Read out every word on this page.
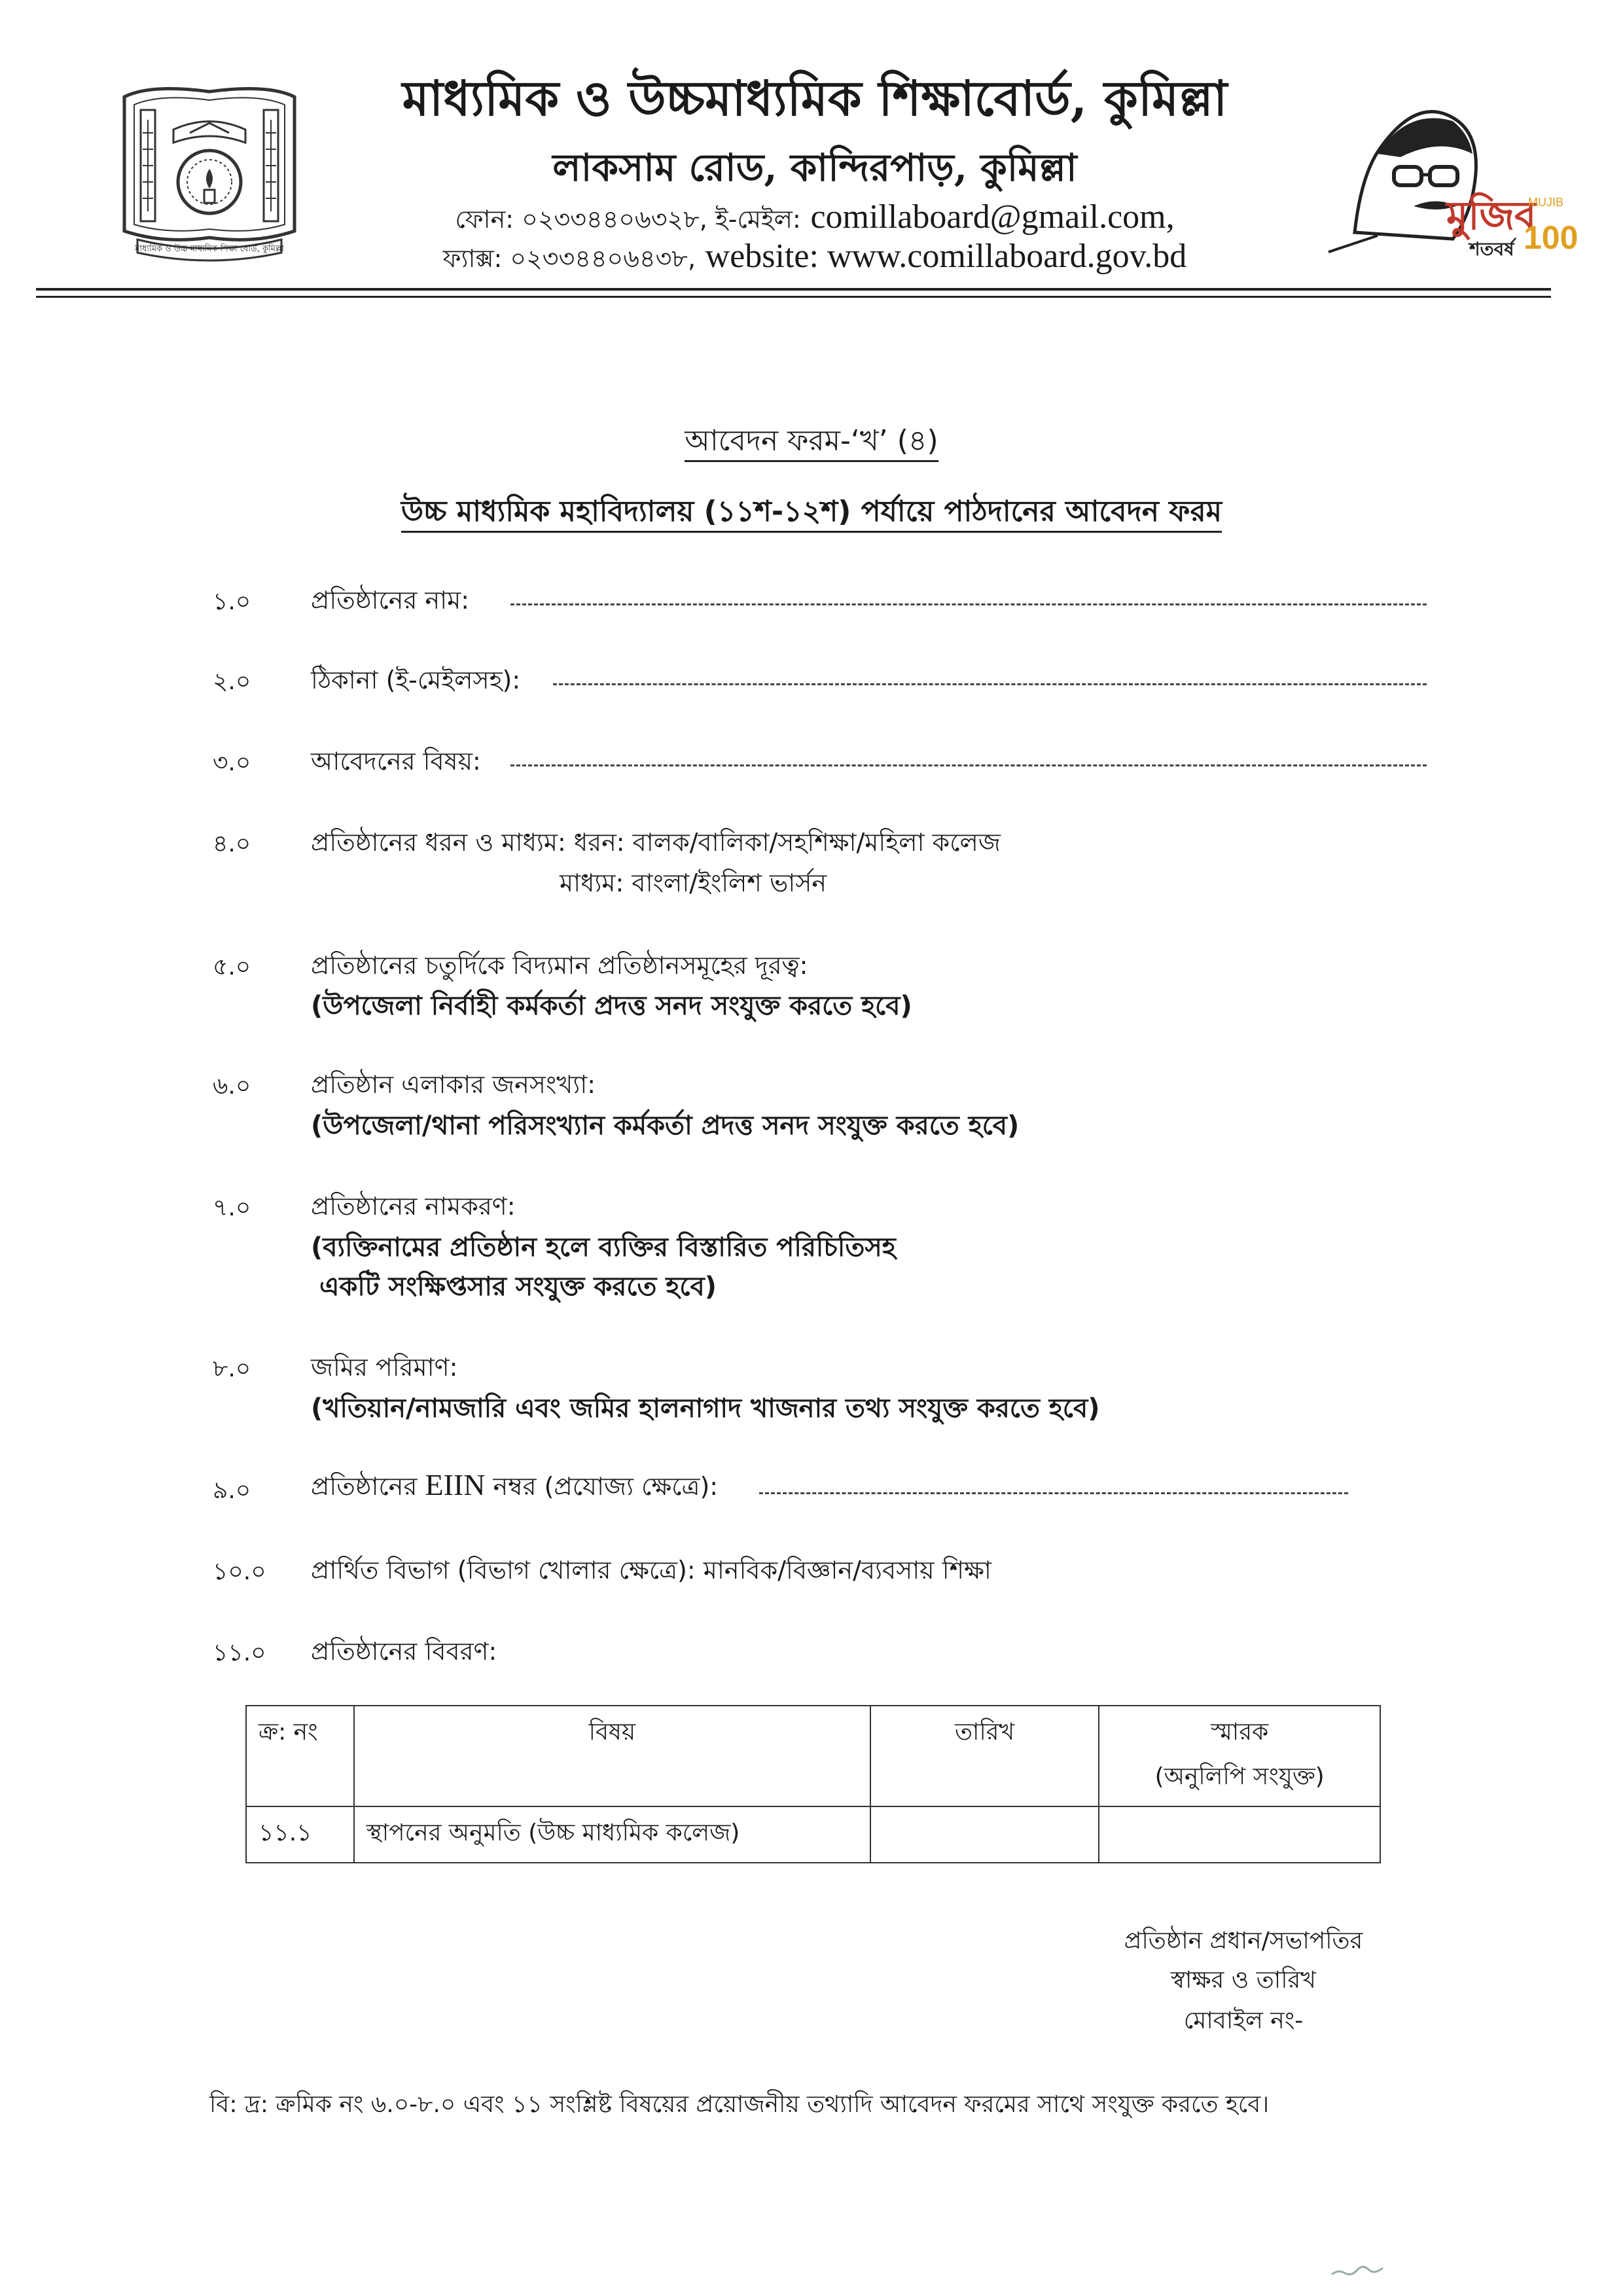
মাধ্যমিক ও উচ্চ মাধ্যমিক শিক্ষা বোর্ড, কুমিল্লা
মাধ্যমিক ও উচ্চমাধ্যমিক শিক্ষাবোর্ড, কুমিল্লা
লাকসাম রোড, কান্দিরপাড়, কুমিল্লা
ফোন: ০২৩৩৪৪০৬৩২৮, ই-মেইল: comillaboard@gmail.com,
ফ্যাক্স: ০২৩৩৪৪০৬৪৩৮, website: www.comillaboard.gov.bd
মুজিব
MUJIB
100
শতবর্ষ
আবেদন ফরম-‘খ’ (৪)
উচ্চ মাধ্যমিক মহাবিদ্যালয় (১১শ-১২শ) পর্যায়ে পাঠদানের আবেদন ফরম
১.০	প্রতিষ্ঠানের নাম:
২.০	ঠিকানা (ই-মেইলসহ):
৩.০	আবেদনের বিষয়:
৪.০	প্রতিষ্ঠানের ধরন ও মাধ্যম: ধরন: বালক/বালিকা/সহশিক্ষা/মহিলা কলেজ
মাধ্যম: বাংলা/ইংলিশ ভার্সন
৫.০	প্রতিষ্ঠানের চতুর্দিকে বিদ্যমান প্রতিষ্ঠানসমূহের দূরত্ব:
(উপজেলা নির্বাহী কর্মকর্তা প্রদত্ত সনদ সংযুক্ত করতে হবে)
৬.০	প্রতিষ্ঠান এলাকার জনসংখ্যা:
(উপজেলা/থানা পরিসংখ্যান কর্মকর্তা প্রদত্ত সনদ সংযুক্ত করতে হবে)
৭.০	প্রতিষ্ঠানের নামকরণ:
(ব্যক্তিনামের প্রতিষ্ঠান হলে ব্যক্তির বিস্তারিত পরিচিতিসহ
একটি সংক্ষিপ্তসার সংযুক্ত করতে হবে)
৮.০	জমির পরিমাণ:
(খতিয়ান/নামজারি এবং জমির হালনাগাদ খাজনার তথ্য সংযুক্ত করতে হবে)
৯.০	প্রতিষ্ঠানের EIIN নম্বর (প্রযোজ্য ক্ষেত্রে):
১০.০	প্রার্থিত বিভাগ (বিভাগ খোলার ক্ষেত্রে): মানবিক/বিজ্ঞান/ব্যবসায় শিক্ষা
১১.০	প্রতিষ্ঠানের বিবরণ:
ক্র: নং	বিষয়	তারিখ	স্মারক
(অনুলিপি সংযুক্ত)

১১.১	স্থাপনের অনুমতি (উচ্চ মাধ্যমিক কলেজ)		
প্রতিষ্ঠান প্রধান/সভাপতির
স্বাক্ষর ও তারিখ
মোবাইল নং-
বি: দ্র: ক্রমিক নং ৬.০-৮.০ এবং ১১ সংশ্লিষ্ট বিষয়ের প্রয়োজনীয় তথ্যাদি আবেদন ফরমের সাথে সংযুক্ত করতে হবে।
